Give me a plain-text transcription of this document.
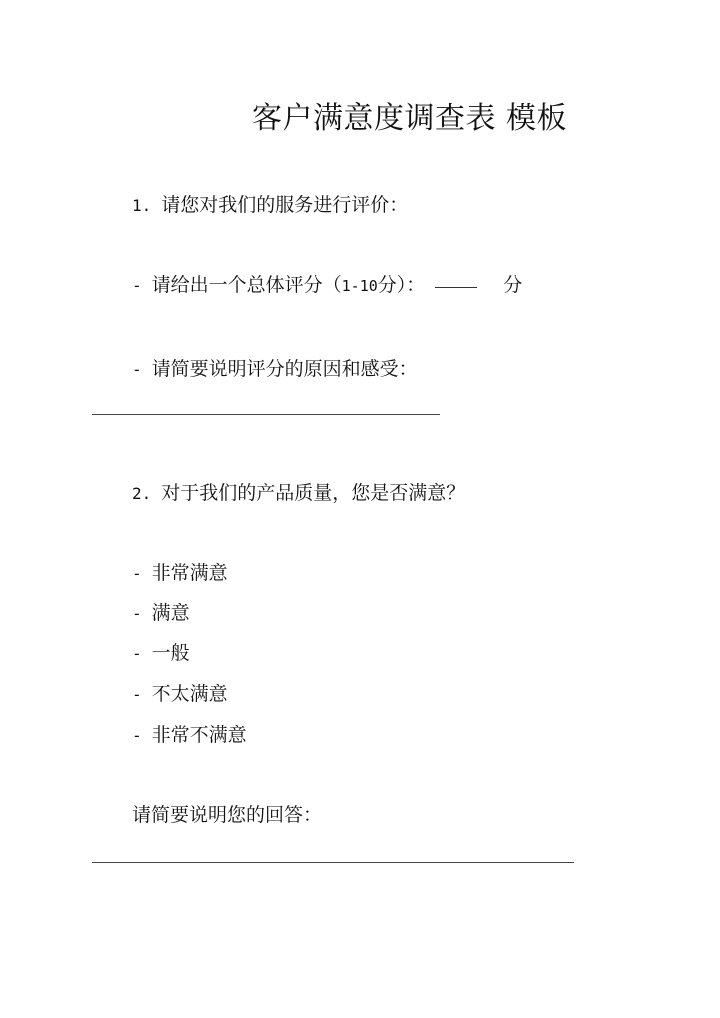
客户满意度调查表 模板
1. 请您对我们的服务进行评价：
- 请给出一个总体评分（1-10分）：	分
- 请简要说明评分的原因和感受：
2. 对于我们的产品质量，您是否满意？
- 非常满意
- 满意
- 一般
- 不太满意
- 非常不满意
请简要说明您的回答：
